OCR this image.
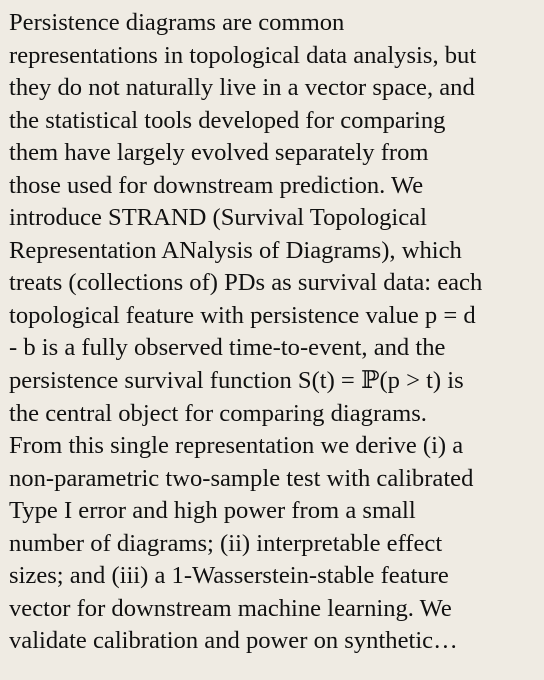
Persistence diagrams are common
representations in topological data analysis, but
they do not naturally live in a vector space, and
the statistical tools developed for comparing
them have largely evolved separately from
those used for downstream prediction. We
introduce STRAND (Survival Topological
Representation ANalysis of Diagrams), which
treats (collections of) PDs as survival data: each
topological feature with persistence value p = d
- b is a fully observed time-to-event, and the
persistence survival function S(t) = ℙ(p > t) is
the central object for comparing diagrams.
From this single representation we derive (i) a
non-parametric two-sample test with calibrated
Type I error and high power from a small
number of diagrams; (ii) interpretable effect
sizes; and (iii) a 1-Wasserstein-stable feature
vector for downstream machine learning. We
validate calibration and power on synthetic…
